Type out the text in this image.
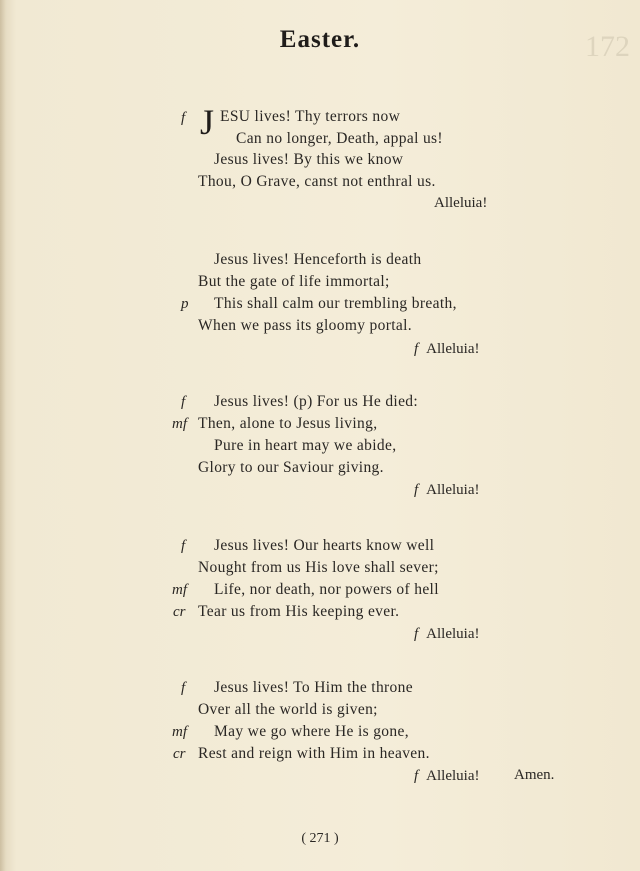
172
Easter.
f J ESU lives! Thy terrors now
Can no longer, Death, appal us!
Jesus lives! By this we know
Thou, O Grave, canst not enthral us.
Alleluia!
Jesus lives! Henceforth is death
But the gate of life immortal;
p This shall calm our trembling breath,
When we pass its gloomy portal.
f Alleluia!
f Jesus lives! (p) For us He died:
mf Then, alone to Jesus living,
Pure in heart may we abide,
Glory to our Saviour giving.
f Alleluia!
f Jesus lives! Our hearts know well
Nought from us His love shall sever;
mf Life, nor death, nor powers of hell
cr Tear us from His keeping ever.
f Alleluia!
f Jesus lives! To Him the throne
Over all the world is given;
mf May we go where He is gone,
cr Rest and reign with Him in heaven.
f Alleluia! Amen.
( 271 )
